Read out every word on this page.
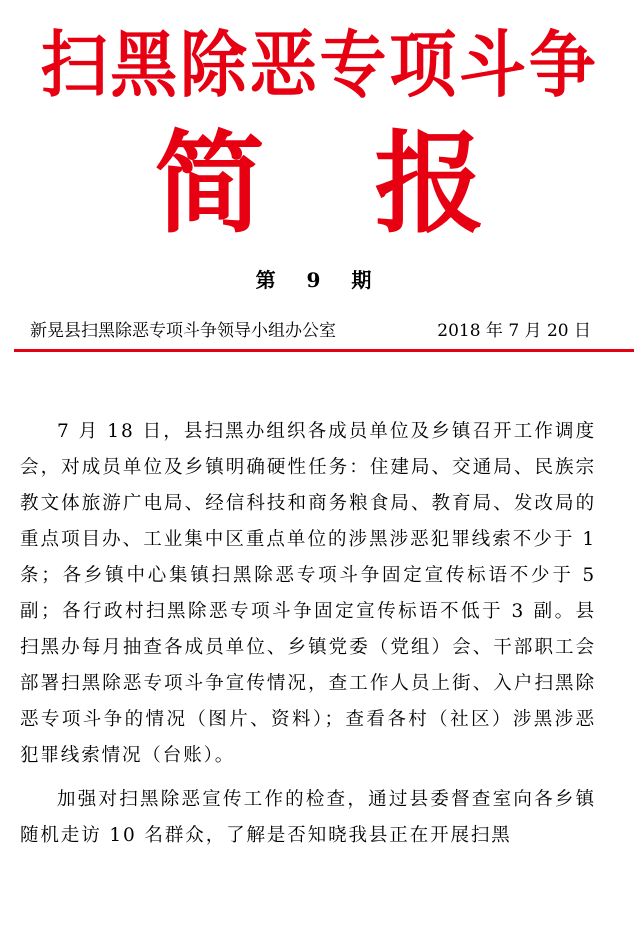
扫黑除恶专项斗争
简 报
第 9 期
新晃县扫黑除恶专项斗争领导小组办公室	2018 年 7 月 20 日

7 月 18 日，县扫黑办组织各成员单位及乡镇召开工作调度会，对成员单位及乡镇明确硬性任务：住建局、交通局、民族宗教文体旅游广电局、经信科技和商务粮食局、教育局、发改局的重点项目办、工业集中区重点单位的涉黑涉恶犯罪线索不少于 1 条；各乡镇中心集镇扫黑除恶专项斗争固定宣传标语不少于 5 副；各行政村扫黑除恶专项斗争固定宣传标语不低于 3 副。县扫黑办每月抽查各成员单位、乡镇党委（党组）会、干部职工会部署扫黑除恶专项斗争宣传情况，查工作人员上街、入户扫黑除恶专项斗争的情况（图片、资料）；查看各村（社区）涉黑涉恶犯罪线索情况（台账）。

加强对扫黑除恶宣传工作的检查，通过县委督查室向各乡镇随机走访 10 名群众，了解是否知晓我县正在开展扫黑
